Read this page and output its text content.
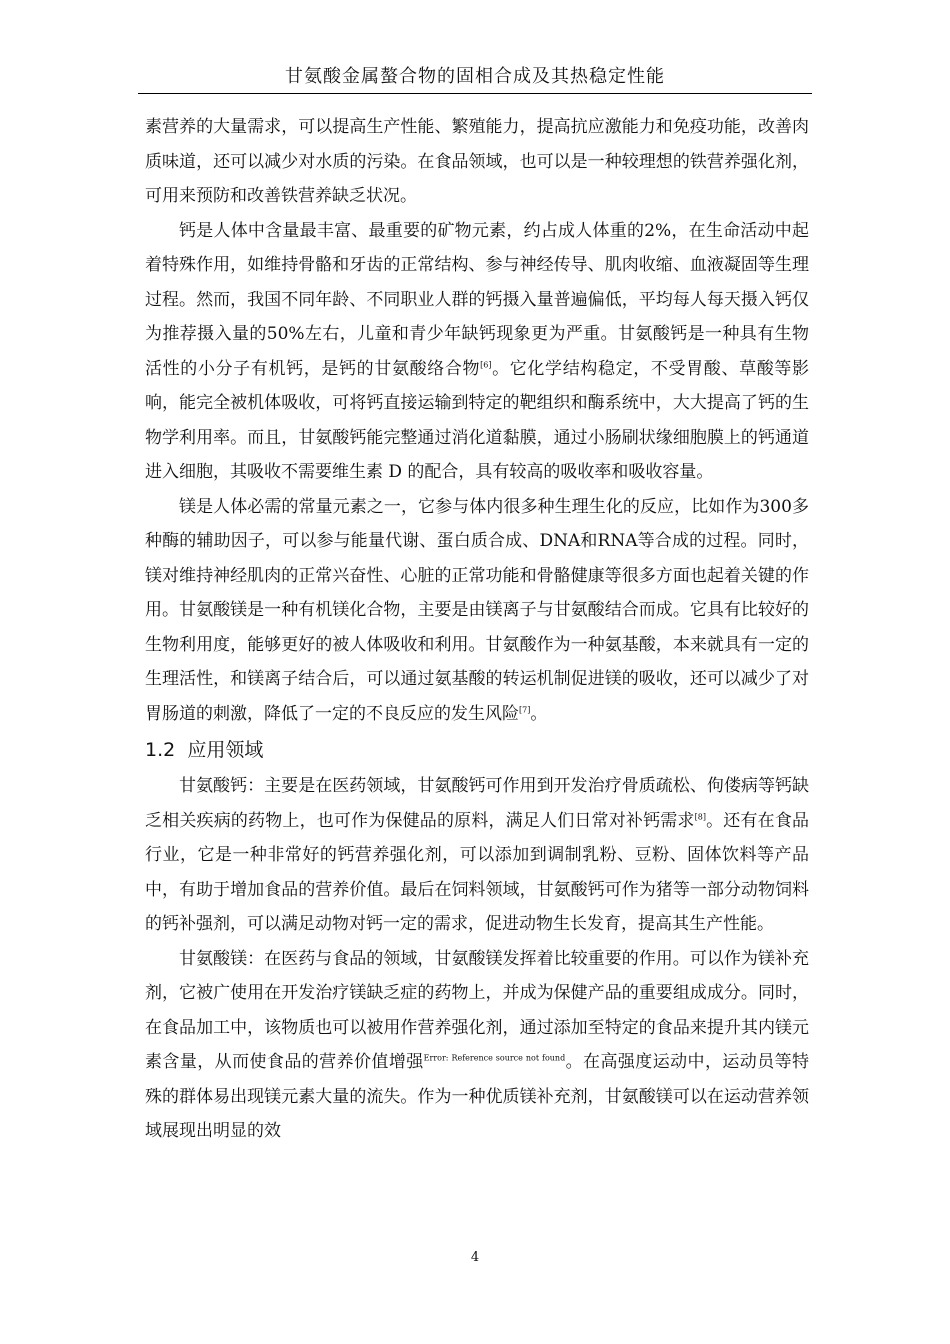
甘氨酸金属螯合物的固相合成及其热稳定性能

素营养的大量需求，可以提高生产性能、繁殖能力，提高抗应激能力和免疫功能，改善肉质味道，还可以减少对水质的污染。在食品领域，也可以是一种较理想的铁营养强化剂，可用来预防和改善铁营养缺乏状况。

钙是人体中含量最丰富、最重要的矿物元素，约占成人体重的2%，在生命活动中起着特殊作用，如维持骨骼和牙齿的正常结构、参与神经传导、肌肉收缩、血液凝固等生理过程。然而，我国不同年龄、不同职业人群的钙摄入量普遍偏低，平均每人每天摄入钙仅为推荐摄入量的50%左右，儿童和青少年缺钙现象更为严重。甘氨酸钙是一种具有生物活性的小分子有机钙，是钙的甘氨酸络合物[6]。它化学结构稳定，不受胃酸、草酸等影响，能完全被机体吸收，可将钙直接运输到特定的靶组织和酶系统中，大大提高了钙的生物学利用率。而且，甘氨酸钙能完整通过消化道黏膜，通过小肠刷状缘细胞膜上的钙通道进入细胞，其吸收不需要维生素 D 的配合，具有较高的吸收率和吸收容量。

镁是人体必需的常量元素之一，它参与体内很多种生理生化的反应，比如作为300多种酶的辅助因子，可以参与能量代谢、蛋白质合成、DNA和RNA等合成的过程。同时，镁对维持神经肌肉的正常兴奋性、心脏的正常功能和骨骼健康等很多方面也起着关键的作用。甘氨酸镁是一种有机镁化合物，主要是由镁离子与甘氨酸结合而成。它具有比较好的生物利用度，能够更好的被人体吸收和利用。甘氨酸作为一种氨基酸，本来就具有一定的生理活性，和镁离子结合后，可以通过氨基酸的转运机制促进镁的吸收，还可以减少了对胃肠道的刺激，降低了一定的不良反应的发生风险[7]。

1.2 应用领域

甘氨酸钙：主要是在医药领域，甘氨酸钙可作用到开发治疗骨质疏松、佝偻病等钙缺乏相关疾病的药物上，也可作为保健品的原料，满足人们日常对补钙需求[8]。还有在食品行业，它是一种非常好的钙营养强化剂，可以添加到调制乳粉、豆粉、固体饮料等产品中，有助于增加食品的营养价值。最后在饲料领域，甘氨酸钙可作为猪等一部分动物饲料的钙补强剂，可以满足动物对钙一定的需求，促进动物生长发育，提高其生产性能。

甘氨酸镁：在医药与食品的领域，甘氨酸镁发挥着比较重要的作用。可以作为镁补充剂，它被广使用在开发治疗镁缺乏症的药物上，并成为保健产品的重要组成成分。同时，在食品加工中，该物质也可以被用作营养强化剂，通过添加至特定的食品来提升其内镁元素含量，从而使食品的营养价值增强$^{Error: Reference source not found}$。在高强度运动中，运动员等特殊的群体易出现镁元素大量的流失。作为一种优质镁补充剂，甘氨酸镁可以在运动营养领域展现出明显的效

4
